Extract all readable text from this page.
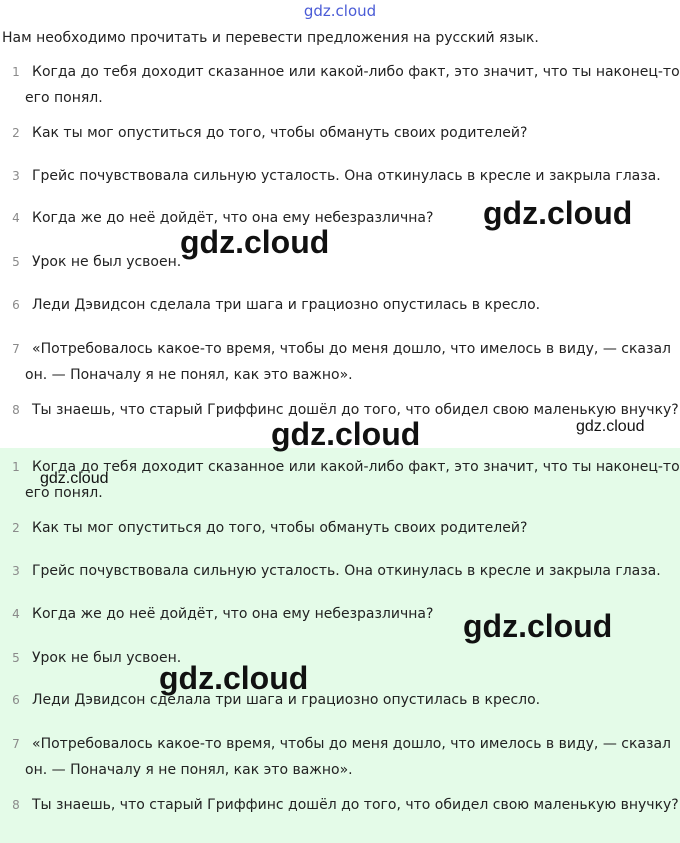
gdz.cloud
Нам необходимо прочитать и перевести предложения на русский язык.
1 Когда до тебя доходит сказанное или какой-либо факт, это значит, что ты наконец-то его понял.
2 Как ты мог опуститься до того, чтобы обмануть своих родителей?
3 Грейс почувствовала сильную усталость. Она откинулась в кресле и закрыла глаза.
4 Когда же до неё дойдёт, что она ему небезразлична?
5 Урок не был усвоен.
6 Леди Дэвидсон сделала три шага и грациозно опустилась в кресло.
7 «Потребовалось какое-то время, чтобы до меня дошло, что имелось в виду, — сказал он. — Поначалу я не понял, как это важно».
8 Ты знаешь, что старый Гриффинс дошёл до того, что обидел свою маленькую внучку?
1 Когда до тебя доходит сказанное или какой-либо факт, это значит, что ты наконец-то его понял.
2 Как ты мог опуститься до того, чтобы обмануть своих родителей?
3 Грейс почувствовала сильную усталость. Она откинулась в кресле и закрыла глаза.
4 Когда же до неё дойдёт, что она ему небезразлична?
5 Урок не был усвоен.
6 Леди Дэвидсон сделала три шага и грациозно опустилась в кресло.
7 «Потребовалось какое-то время, чтобы до меня дошло, что имелось в виду, — сказал он. — Поначалу я не понял, как это важно».
8 Ты знаешь, что старый Гриффинс дошёл до того, что обидел свою маленькую внучку?
gdz.cloud
gdz.cloud
gdz.cloud	gdz.cloud
gdz.cloud
gdz.cloud
gdz.cloud
